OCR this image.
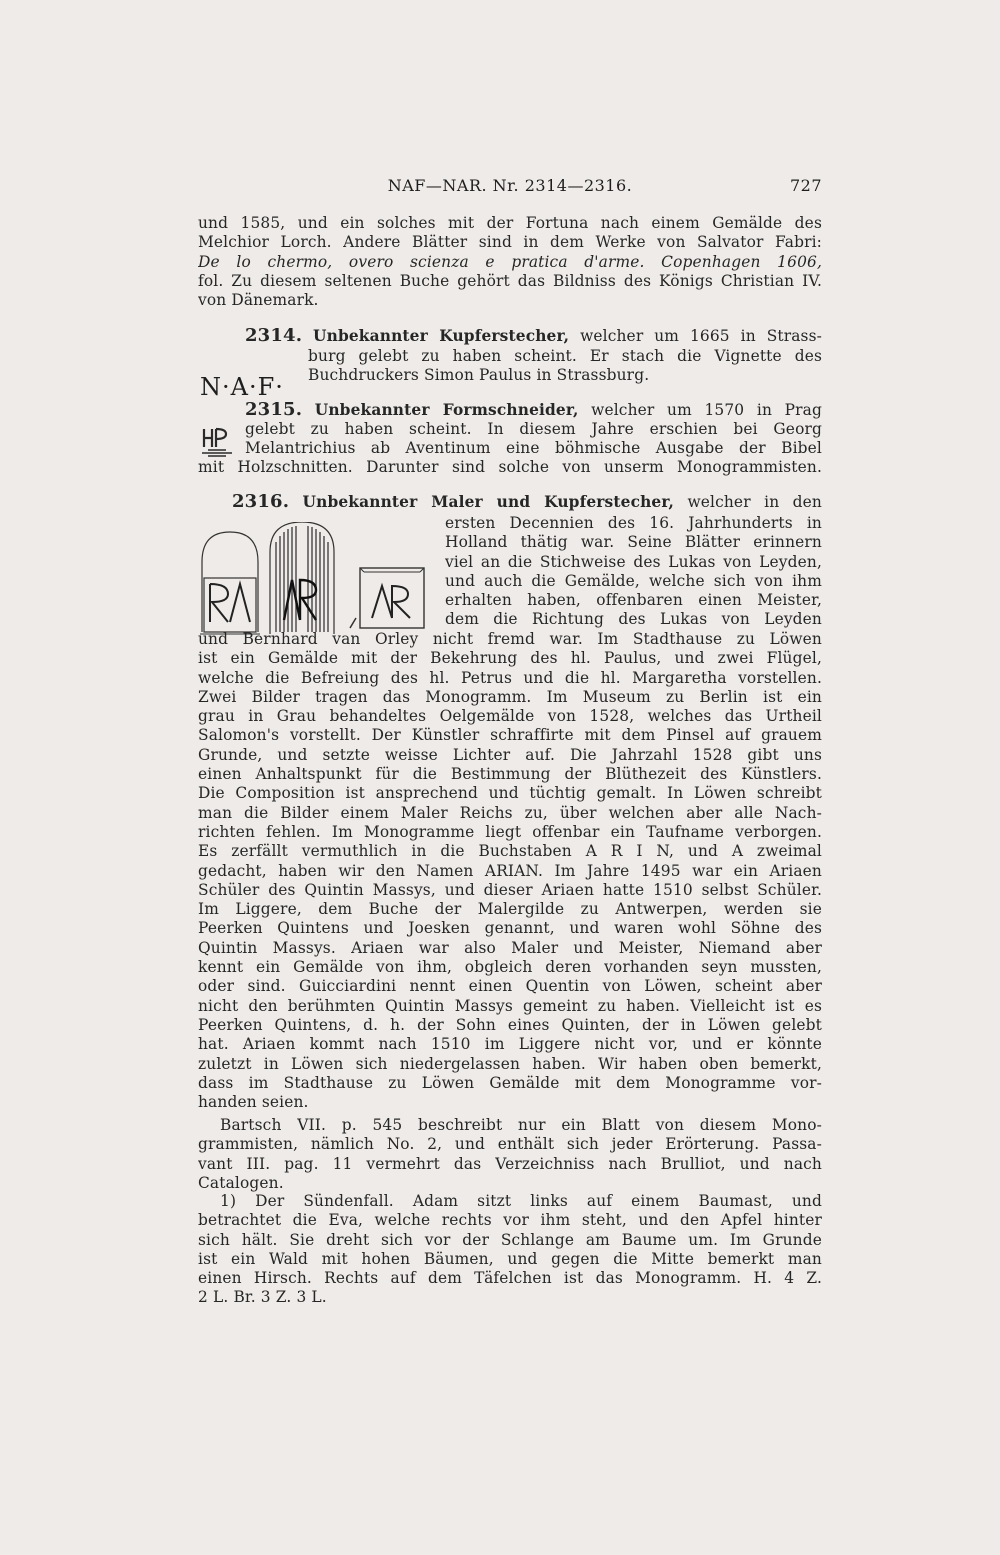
NAF—NAR. Nr. 2314—2316.	727
und 1585, und ein solches mit der Fortuna nach einem Gemälde des
Melchior Lorch. Andere Blätter sind in dem Werke von Salvator Fabri:
De lo chermo, overo scienza e pratica d'arme. Copenhagen 1606,
fol. Zu diesem seltenen Buche gehört das Bildniss des Königs Christian IV.
von Dänemark.
N·A·F·
2314. Unbekannter Kupferstecher, welcher um 1665 in Strass-
burg gelebt zu haben scheint. Er stach die Vignette des
Buchdruckers Simon Paulus in Strassburg.
2315. Unbekannter Formschneider, welcher um 1570 in Prag
gelebt zu haben scheint. In diesem Jahre erschien bei Georg
Melantrichius ab Aventinum eine böhmische Ausgabe der Bibel
mit Holzschnitten. Darunter sind solche von unserm Monogrammisten.
2316. Unbekannter Maler und Kupferstecher, welcher in den
ersten Decennien des 16. Jahrhunderts in
Holland thätig war. Seine Blätter erinnern
viel an die Stichweise des Lukas von Leyden,
und auch die Gemälde, welche sich von ihm
erhalten haben, offenbaren einen Meister,
dem die Richtung des Lukas von Leyden
und Bernhard van Orley nicht fremd war. Im Stadthause zu Löwen
ist ein Gemälde mit der Bekehrung des hl. Paulus, und zwei Flügel,
welche die Befreiung des hl. Petrus und die hl. Margaretha vorstellen.
Zwei Bilder tragen das Monogramm. Im Museum zu Berlin ist ein
grau in Grau behandeltes Oelgemälde von 1528, welches das Urtheil
Salomon's vorstellt. Der Künstler schraffirte mit dem Pinsel auf grauem
Grunde, und setzte weisse Lichter auf. Die Jahrzahl 1528 gibt uns
einen Anhaltspunkt für die Bestimmung der Blüthezeit des Künstlers.
Die Composition ist ansprechend und tüchtig gemalt. In Löwen schreibt
man die Bilder einem Maler Reichs zu, über welchen aber alle Nach-
richten fehlen. Im Monogramme liegt offenbar ein Taufname verborgen.
Es zerfällt vermuthlich in die Buchstaben A R I N, und A zweimal
gedacht, haben wir den Namen ARIAN. Im Jahre 1495 war ein Ariaen
Schüler des Quintin Massys, und dieser Ariaen hatte 1510 selbst Schüler.
Im Liggere, dem Buche der Malergilde zu Antwerpen, werden sie
Peerken Quintens und Joesken genannt, und waren wohl Söhne des
Quintin Massys. Ariaen war also Maler und Meister, Niemand aber
kennt ein Gemälde von ihm, obgleich deren vorhanden seyn mussten,
oder sind. Guicciardini nennt einen Quentin von Löwen, scheint aber
nicht den berühmten Quintin Massys gemeint zu haben. Vielleicht ist es
Peerken Quintens, d. h. der Sohn eines Quinten, der in Löwen gelebt
hat. Ariaen kommt nach 1510 im Liggere nicht vor, und er könnte
zuletzt in Löwen sich niedergelassen haben. Wir haben oben bemerkt,
dass im Stadthause zu Löwen Gemälde mit dem Monogramme vor-
handen seien.
Bartsch VII. p. 545 beschreibt nur ein Blatt von diesem Mono-
grammisten, nämlich No. 2, und enthält sich jeder Erörterung. Passa-
vant III. pag. 11 vermehrt das Verzeichniss nach Brulliot, und nach
Catalogen.
1) Der Sündenfall. Adam sitzt links auf einem Baumast, und
betrachtet die Eva, welche rechts vor ihm steht, und den Apfel hinter
sich hält. Sie dreht sich vor der Schlange am Baume um. Im Grunde
ist ein Wald mit hohen Bäumen, und gegen die Mitte bemerkt man
einen Hirsch. Rechts auf dem Täfelchen ist das Monogramm. H. 4 Z.
2 L. Br. 3 Z. 3 L.
